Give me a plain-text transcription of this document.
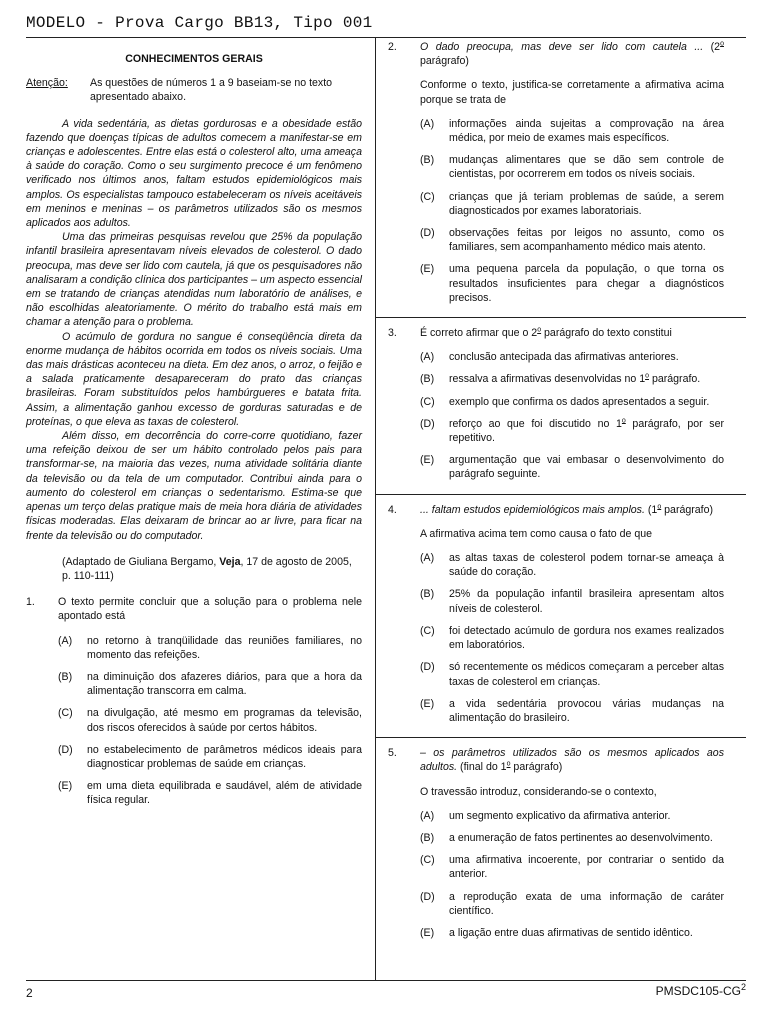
MODELO - Prova Cargo BB13, Tipo 001
CONHECIMENTOS GERAIS
Atenção:	As questões de números 1 a 9 baseiam-se no texto apresentado abaixo.

A vida sedentária, as dietas gordurosas e a obesidade estão fazendo que doenças típicas de adultos comecem a manifestar-se em crianças e adolescentes. Entre elas está o colesterol alto, uma ameaça à saúde do coração. Como o seu surgimento precoce é um fenômeno verificado nos últimos anos, faltam estudos epidemiológicos mais amplos. Os especialistas tampouco estabeleceram os níveis aceitáveis em meninos e meninas – os parâmetros utilizados são os mesmos aplicados aos adultos.

Uma das primeiras pesquisas revelou que 25% da população infantil brasileira apresentavam níveis elevados de colesterol. O dado preocupa, mas deve ser lido com cautela, já que os pesquisadores não analisaram a condição clínica dos participantes – um aspecto essencial em se tratando de crianças atendidas num laboratório de análises, e não escolhidas aleatoriamente. O mérito do trabalho está mais em chamar a atenção para o problema.

O acúmulo de gordura no sangue é conseqüência direta da enorme mudança de hábitos ocorrida em todos os níveis sociais. Uma das mais drásticas aconteceu na dieta. Em dez anos, o arroz, o feijão e a salada praticamente desapareceram do prato das crianças brasileiras. Foram substituídos pelos hambúrgueres e batata frita. Assim, a alimentação ganhou excesso de gorduras saturadas e de proteínas, o que eleva as taxas de colesterol.

Além disso, em decorrência do corre-corre quotidiano, fazer uma refeição deixou de ser um hábito controlado pelos pais para transformar-se, na maioria das vezes, numa atividade solitária diante da televisão ou da tela de um computador. Contribui ainda para o aumento do colesterol em crianças o sedentarismo. Estima-se que apenas um terço delas pratique mais de meia hora diária de atividades físicas moderadas. Elas deixaram de brincar ao ar livre, para ficar na frente da televisão ou do computador.

(Adaptado de Giuliana Bergamo, Veja, 17 de agosto de 2005, p. 110-111)
1.	O texto permite concluir que a solução para o problema nele apontado está
(A)	no retorno à tranqüilidade das reuniões familiares, no momento das refeições.
(B)	na diminuição dos afazeres diários, para que a hora da alimentação transcorra em calma.
(C)	na divulgação, até mesmo em programas da televisão, dos riscos oferecidos à saúde por certos hábitos.
(D)	no estabelecimento de parâmetros médicos ideais para diagnosticar problemas de saúde em crianças.
(E)	em uma dieta equilibrada e saudável, além de atividade física regular.
2.	O dado preocupa, mas deve ser lido com cautela ... (2$^o$ parágrafo)
Conforme o texto, justifica-se corretamente a afirmativa acima porque se trata de
(A)	informações ainda sujeitas a comprovação na área médica, por meio de exames mais específicos.
(B)	mudanças alimentares que se dão sem controle de cientistas, por ocorrerem em todos os níveis sociais.
(C)	crianças que já teriam problemas de saúde, a serem diagnosticados por exames laboratoriais.
(D)	observações feitas por leigos no assunto, como os familiares, sem acompanhamento médico mais atento.
(E)	uma pequena parcela da população, o que torna os resultados insuficientes para chegar a diagnósticos precisos.
3.	É correto afirmar que o 2$^o$ parágrafo do texto constitui
(A)	conclusão antecipada das afirmativas anteriores.
(B)	ressalva a afirmativas desenvolvidas no 1$^o$ parágrafo.
(C)	exemplo que confirma os dados apresentados a seguir.
(D)	reforço ao que foi discutido no 1$^o$ parágrafo, por ser repetitivo.
(E)	argumentação que vai embasar o desenvolvimento do parágrafo seguinte.
4.	... faltam estudos epidemiológicos mais amplos. (1$^o$ parágrafo)
A afirmativa acima tem como causa o fato de que
(A)	as altas taxas de colesterol podem tornar-se ameaça à saúde do coração.
(B)	25% da população infantil brasileira apresentam altos níveis de colesterol.
(C)	foi detectado acúmulo de gordura nos exames realizados em laboratórios.
(D)	só recentemente os médicos começaram a perceber altas taxas de colesterol em crianças.
(E)	a vida sedentária provocou várias mudanças na alimentação do brasileiro.
5.	– os parâmetros utilizados são os mesmos aplicados aos adultos. (final do 1$^o$ parágrafo)
O travessão introduz, considerando-se o contexto,
(A)	um segmento explicativo da afirmativa anterior.
(B)	a enumeração de fatos pertinentes ao desenvolvimento.
(C)	uma afirmativa incoerente, por contrariar o sentido da anterior.
(D)	a reprodução exata de uma informação de caráter científico.
(E)	a ligação entre duas afirmativas de sentido idêntico.
2	$PMSDC105-CG^2$
